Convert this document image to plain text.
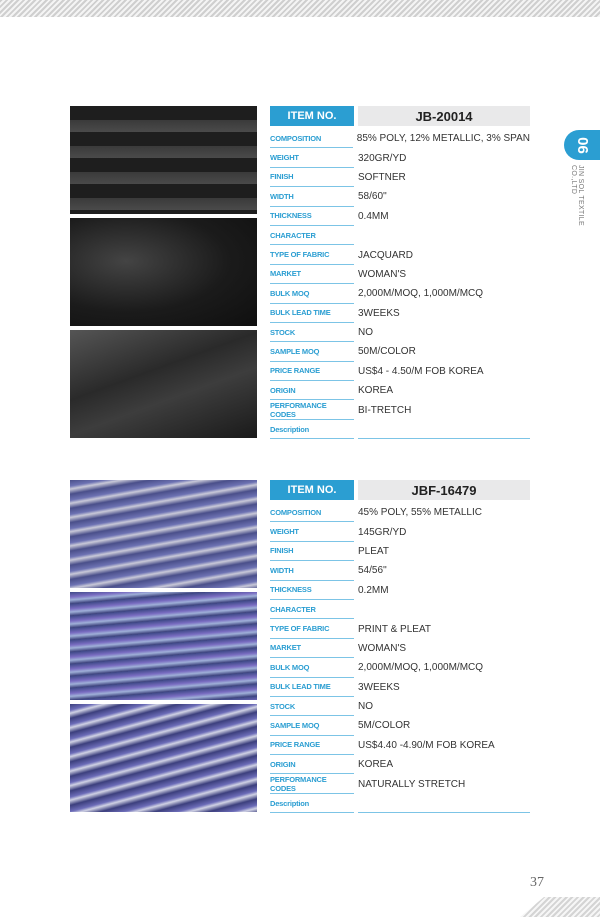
06
JIN SOL TEXTILE CO.,LTD
ITEM NO.	JB-20014
COMPOSITION	85% POLY, 12% METALLIC, 3% SPAN
WEIGHT	320GR/YD
FINISH	SOFTNER
WIDTH	58/60''
THICKNESS	0.4MM
CHARACTER
TYPE OF FABRIC	JACQUARD
MARKET	WOMAN'S
BULK MOQ	2,000M/MOQ, 1,000M/MCQ
BULK LEAD TIME	3WEEKS
STOCK	NO
SAMPLE MOQ	50M/COLOR
PRICE RANGE	US$4 - 4.50/M FOB KOREA
ORIGIN	KOREA
PERFORMANCE CODES	BI-TRETCH
Description
ITEM NO.	JBF-16479
COMPOSITION	45% POLY, 55% METALLIC
WEIGHT	145GR/YD
FINISH	PLEAT
WIDTH	54/56''
THICKNESS	0.2MM
CHARACTER
TYPE OF FABRIC	PRINT & PLEAT
MARKET	WOMAN'S
BULK MOQ	2,000M/MOQ, 1,000M/MCQ
BULK LEAD TIME	3WEEKS
STOCK	NO
SAMPLE MOQ	5M/COLOR
PRICE RANGE	US$4.40 -4.90/M FOB KOREA
ORIGIN	KOREA
PERFORMANCE CODES	NATURALLY STRETCH
Description
37
